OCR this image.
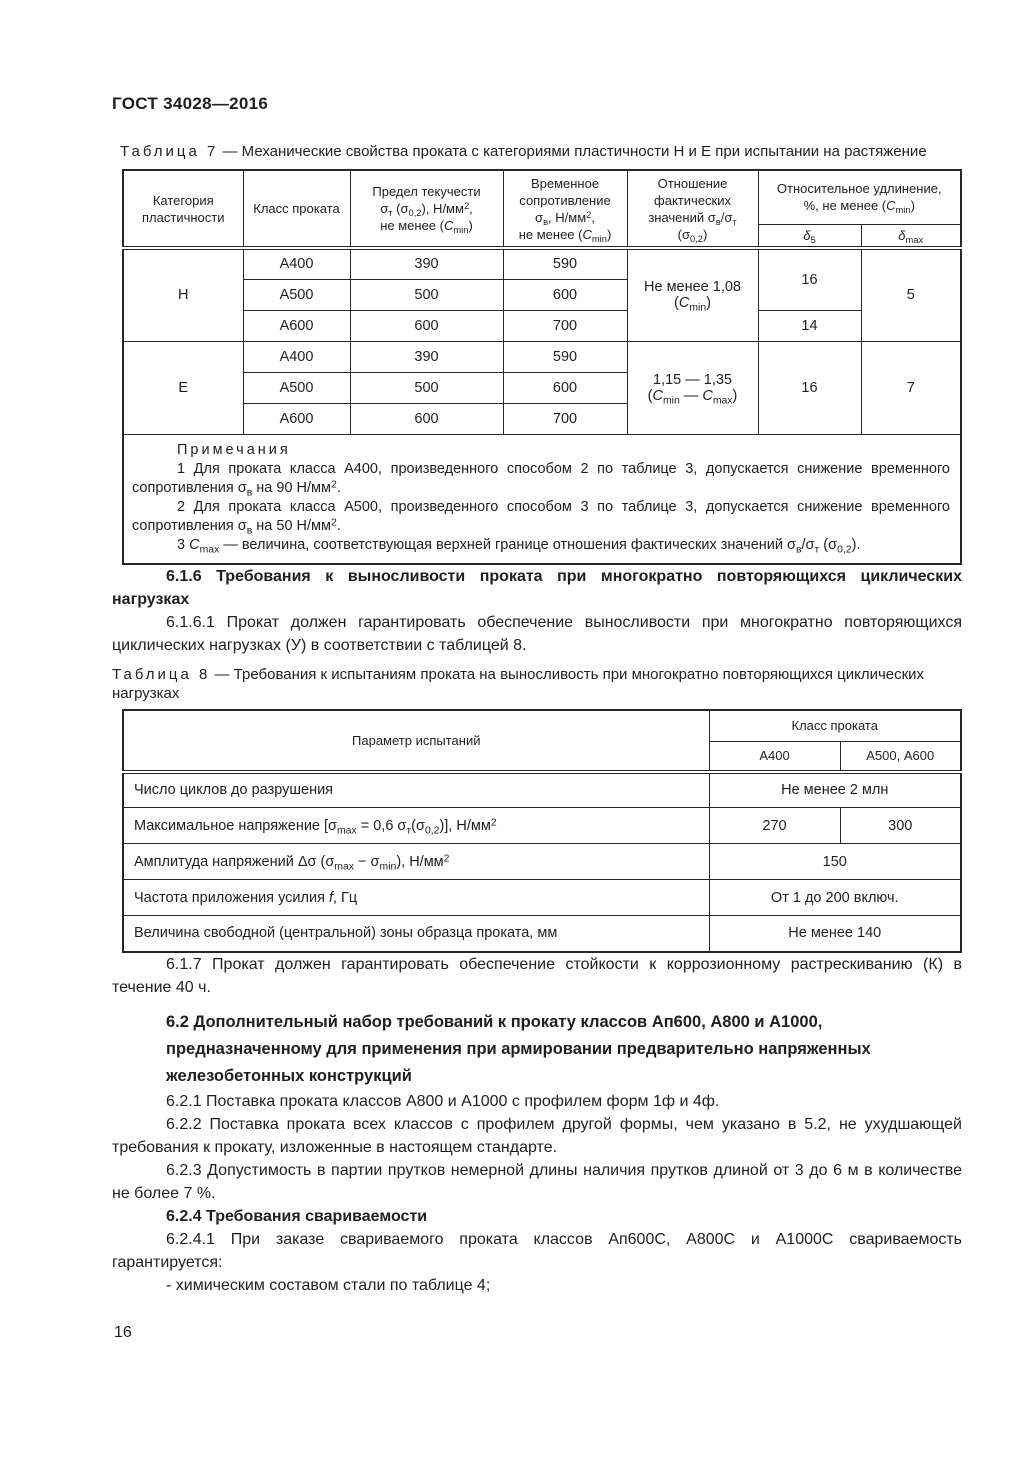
ГОСТ 34028—2016

Таблица 7 — Механические свойства проката с категориями пластичности Н и Е при испытании на растяжение

Категория пластичности	Класс проката	Предел текучести
$\sigma_т$ $(\sigma_{0,2})$, $Н/мм^2$,
не менее $(C_{min})$	Временное
сопротивление
$\sigma_в$, $Н/мм^2$,
не менее $(C_{min})$	Отношение
фактических
значений $\sigma_в/\sigma_т$
$(\sigma_{0,2})$	Относительное удлинение,
%, не менее $(C_{min})$	
					$\delta_5$	$\delta_{max}$
Н	А400	390	590	Не менее 1,08
$(C_{min})$	16	5
	А500	500	600			
	А600	600	700		14	
Е	А400	390	590	1,15 — 1,35
($C_{min}$ — $C_{max}$)	16	7
	А500	500	600			
	А600	600	700			

Примечания

1 Для проката класса А400, произведенного способом 2 по таблице 3, допускается снижение временного сопротивления $\sigma_в$ на 90 $Н/мм^2$.

2 Для проката класса А500, произведенного способом 3 по таблице 3, допускается снижение временного сопротивления $\sigma_в$ на 50 $Н/мм^2$.

3 $C_{max}$ — величина, соответствующая верхней границе отношения фактических значений $\sigma_в/\sigma_т$ $(\sigma_{0,2})$.						

6.1.6 Требования к выносливости проката при многократно повторяющихся циклических нагрузках

6.1.6.1 Прокат должен гарантировать обеспечение выносливости при многократно повторяющихся циклических нагрузках (У) в соответствии с таблицей 8.

Таблица 8 — Требования к испытаниям проката на выносливость при многократно повторяющихся циклических нагрузках

Параметр испытаний	Класс проката	
	А400	А500, А600
Число циклов до разрушения	Не менее 2 млн	
Максимальное напряжение [$\sigma_{max} = 0,6$ $\sigma_т(\sigma_{0,2})$], $Н/мм^2$	270	300
Амплитуда напряжений Δσ $(\sigma_{max} - \sigma_{min})$, $Н/мм^2$	150	
Частота приложения усилия f, Гц	От 1 до 200 включ.	
Величина свободной (центральной) зоны образца проката, мм	Не менее 140	

6.1.7 Прокат должен гарантировать обеспечение стойкости к коррозионному растрескиванию (К) в течение 40 ч.

6.2 Дополнительный набор требований к прокату классов Ап600, А800 и А1000, предназначенному для применения при армировании предварительно напряженных железобетонных конструкций

6.2.1 Поставка проката классов А800 и А1000 с профилем форм 1ф и 4ф.

6.2.2 Поставка проката всех классов с профилем другой формы, чем указано в 5.2, не ухудшающей требования к прокату, изложенные в настоящем стандарте.

6.2.3 Допустимость в партии прутков немерной длины наличия прутков длиной от 3 до 6 м в количестве не более 7 %.

6.2.4 Требования свариваемости

6.2.4.1 При заказе свариваемого проката классов Ап600С, А800С и А1000С свариваемость гарантируется:

- химическим составом стали по таблице 4;

16
